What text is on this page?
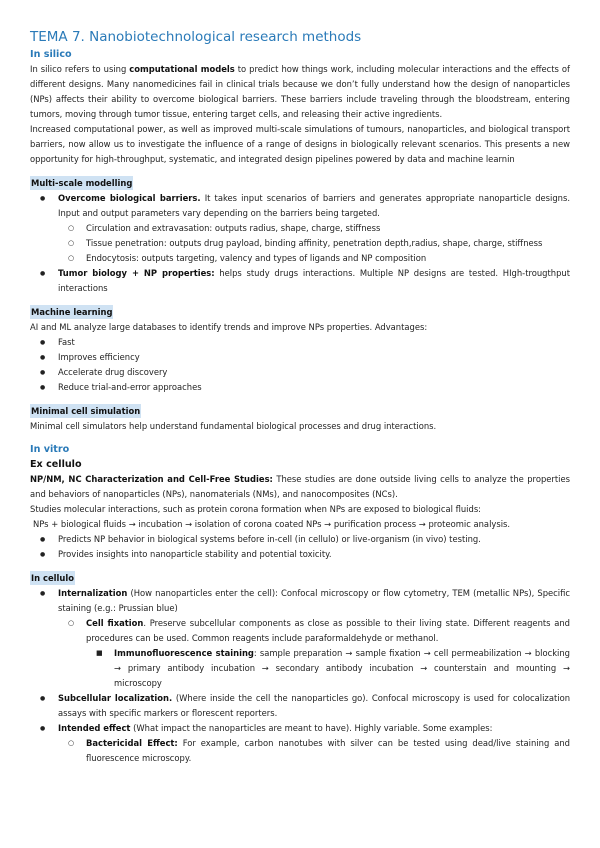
TEMA 7. Nanobiotechnological research methods
In silico

In silico refers to using computational models to predict how things work, including molecular interactions and the effects of different designs. Many nanomedicines fail in clinical trials because we don’t fully understand how the design of nanoparticles (NPs) affects their ability to overcome biological barriers. These barriers include traveling through the bloodstream, entering tumors, moving through tumor tissue, entering target cells, and releasing their active ingredients.

Increased computational power, as well as improved multi-scale simulations of tumours, nanoparticles, and biological transport barriers, now allow us to investigate the influence of a range of designs in biologically relevant scenarios. This presents a new opportunity for high-throughput, systematic, and integrated design pipelines powered by data and machine learnin

Multi-scale modelling
● Overcome biological barriers. It takes input scenarios of barriers and generates appropriate nanoparticle designs. Input and output parameters vary depending on the barriers being targeted.
○ Circulation and extravasation: outputs radius, shape, charge, stiffness
○ Tissue penetration: outputs drug payload, binding affinity, penetration depth,radius, shape, charge, stiffness
○ Endocytosis: outputs targeting, valency and types of ligands and NP composition
● Tumor biology + NP properties: helps study drugs interactions. Multiple NP designs are tested. HIgh-trougthput interactions
Machine learning

AI and ML analyze large databases to identify trends and improve NPs properties. Advantages:

● Fast
● Improves efficiency
● Accelerate drug discovery
● Reduce trial-and-error approaches
Minimal cell simulation

Minimal cell simulators help understand fundamental biological processes and drug interactions.

In vitro
Ex cellulo

NP/NM, NC Characterization and Cell-Free Studies: These studies are done outside living cells to analyze the properties and behaviors of nanoparticles (NPs), nanomaterials (NMs), and nanocomposites (NCs).

Studies molecular interactions, such as protein corona formation when NPs are exposed to biological fluids:

NPs + biological fluids → incubation → isolation of corona coated NPs → purification process → proteomic analysis.

● Predicts NP behavior in biological systems before in-cell (in cellulo) or live-organism (in vivo) testing.
● Provides insights into nanoparticle stability and potential toxicity.
In cellulo
● Internalization (How nanoparticles enter the cell): Confocal microscopy or flow cytometry, TEM (metallic NPs), Specific staining (e.g.: Prussian blue)
○ Cell fixation. Preserve subcellular components as close as possible to their living state. Different reagents and procedures can be used. Common reagents include paraformaldehyde or methanol.
■ Immunofluorescence staining: sample preparation → sample fixation → cell permeabilization → blocking → primary antibody incubation → secondary antibody incubation → counterstain and mounting → microscopy
● Subcellular localization. (Where inside the cell the nanoparticles go). Confocal microscopy is used for colocalization assays with specific markers or florescent reporters.
● Intended effect (What impact the nanoparticles are meant to have). Highly variable. Some examples:
○ Bactericidal Effect: For example, carbon nanotubes with silver can be tested using dead/live staining and fluorescence microscopy.
